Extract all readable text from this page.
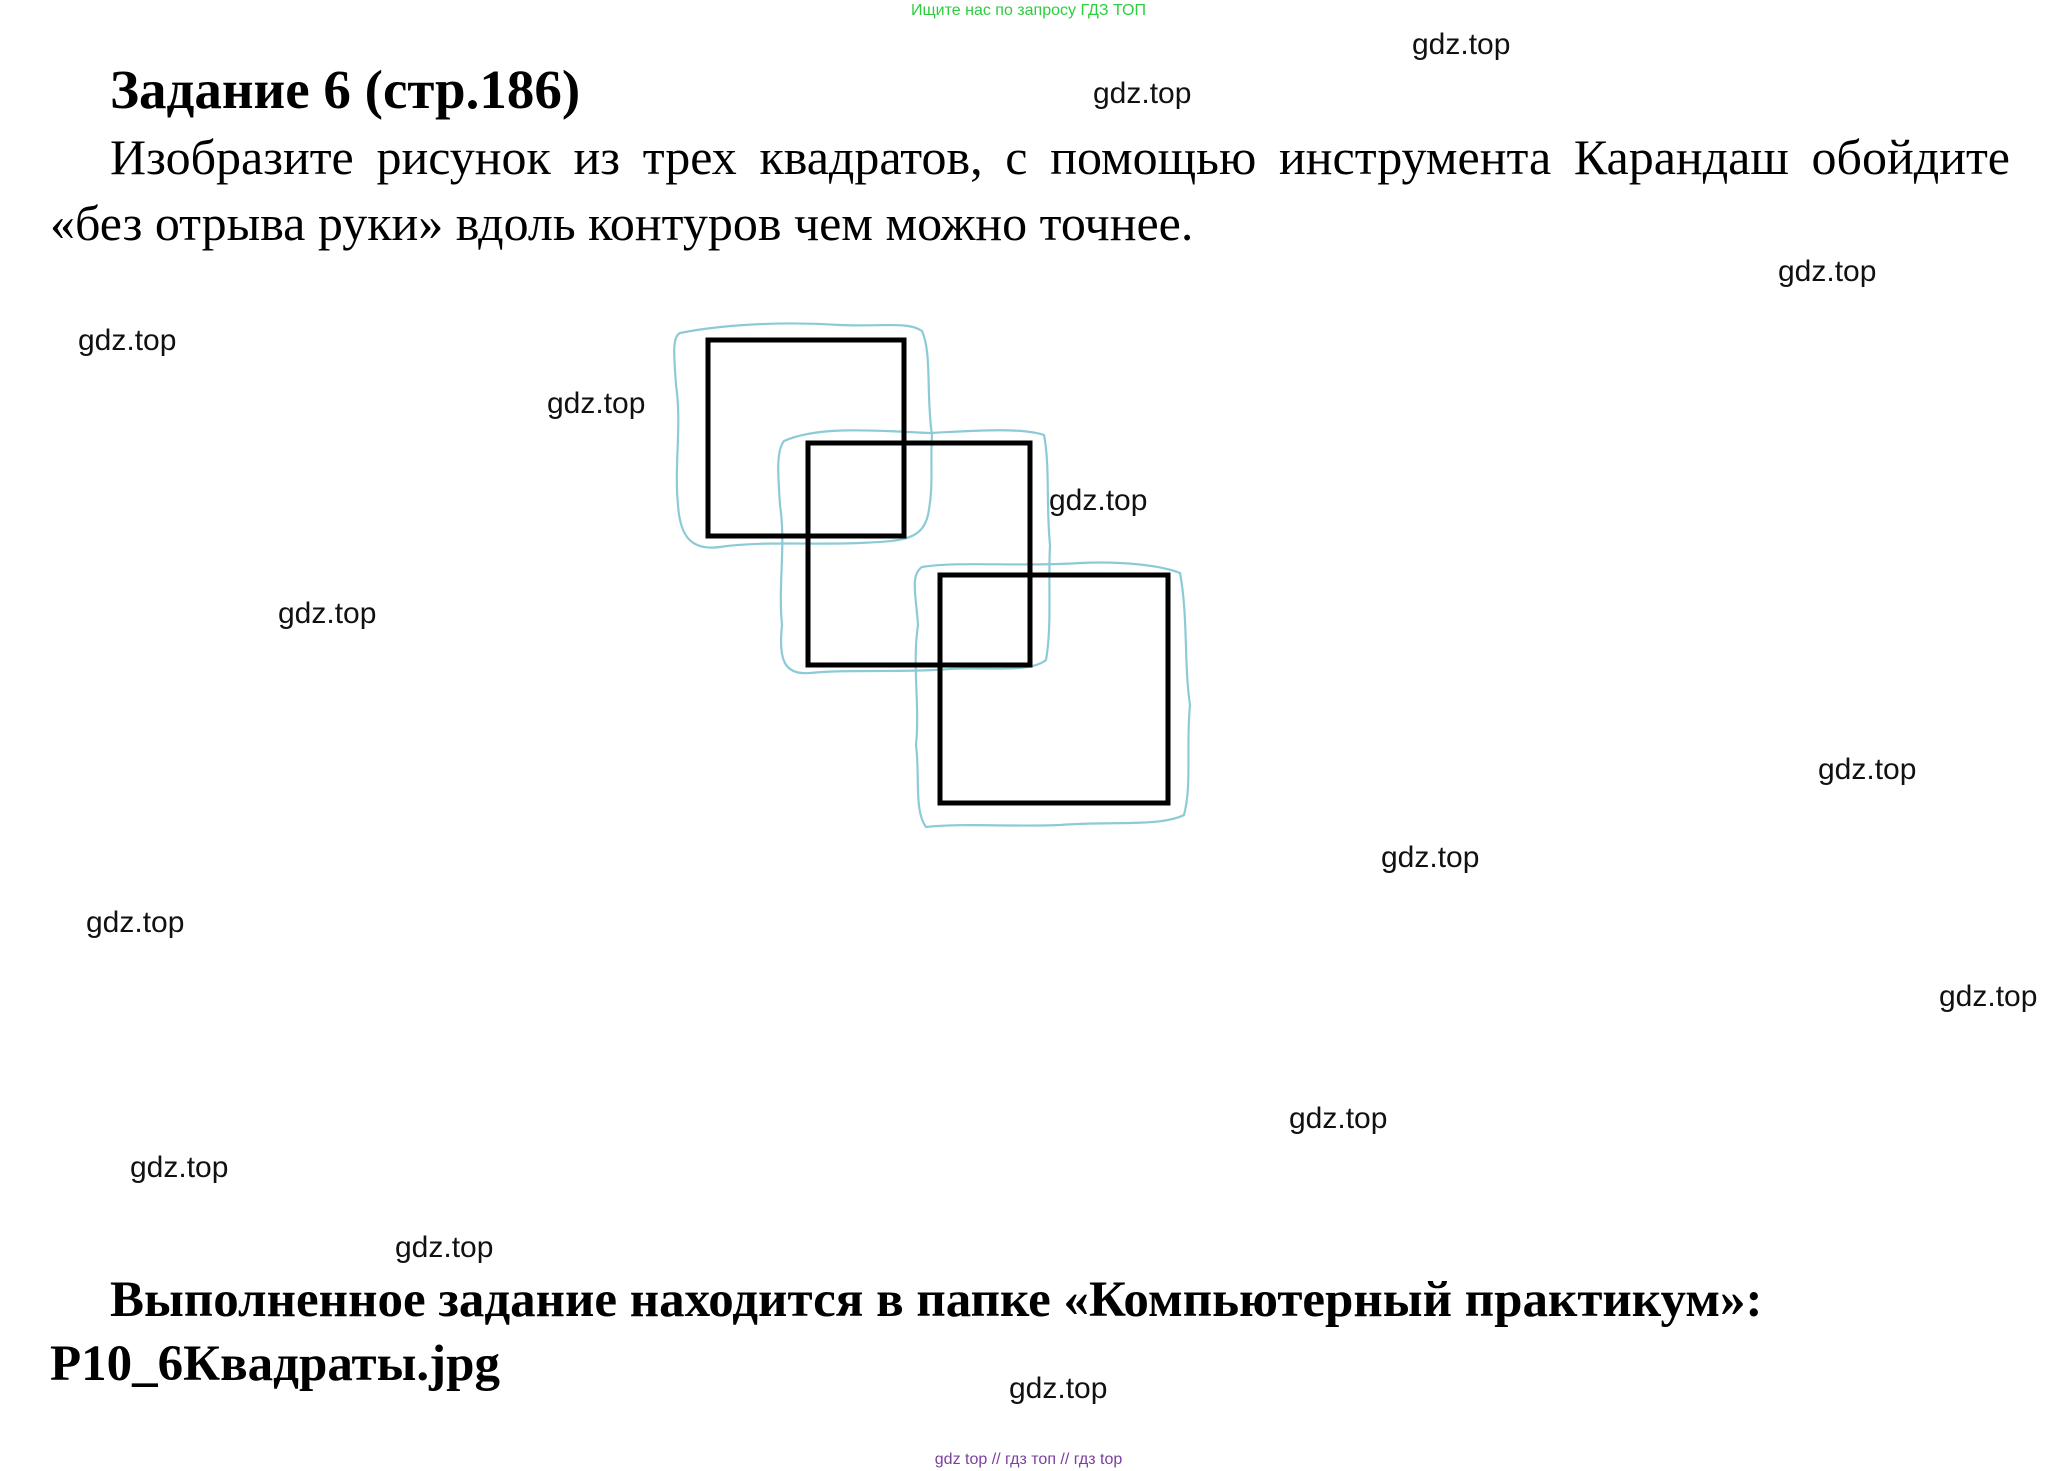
Ищите нас по запросу ГДЗ ТОП
Задание 6 (стр.186)

Изобразите рисунок из трех квадратов, с помощью инструмента Карандаш обойдите «без отрыва руки» вдоль контуров чем можно точнее.

Выполненное задание находится в папке «Компьютерный практикум»:
P10_6Квадраты.jpg

gdz.top
gdz.top
gdz.top
gdz.top
gdz.top
gdz.top
gdz.top
gdz.top
gdz.top
gdz.top
gdz.top
gdz.top
gdz.top
gdz.top
gdz.top
gdz top // гдз топ // гдз top
